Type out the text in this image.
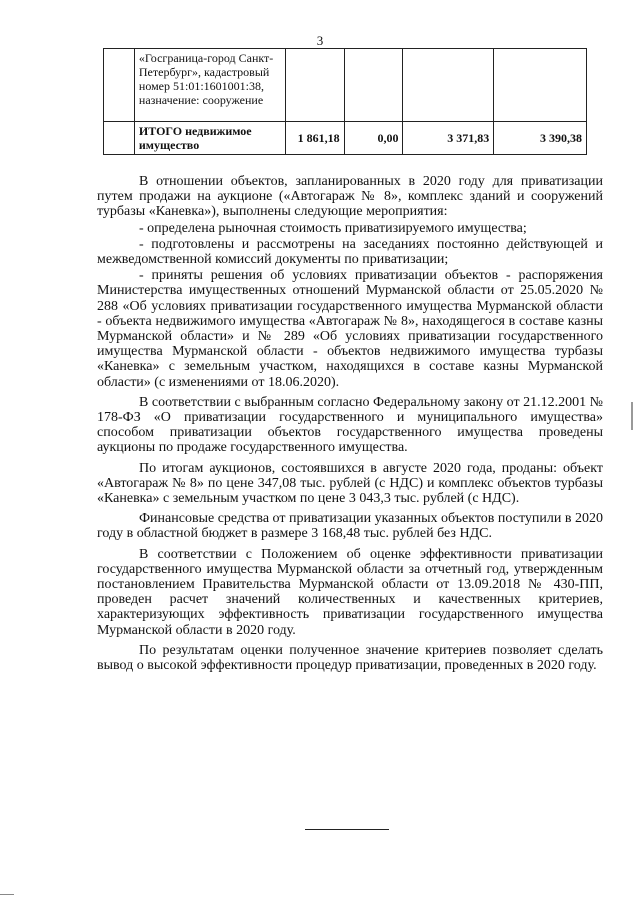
3
	«Госграница-город Санкт-Петербург», кадастровый номер 51:01:1601001:38, назначение: сооружение				
	ИТОГО недвижимое имущество	1 861,18	0,00	3 371,83	3 390,38

В отношении объектов, запланированных в 2020 году для приватизации путем продажи на аукционе («Автогараж № 8», комплекс зданий и сооружений турбазы «Каневка»), выполнены следующие мероприятия:

- определена рыночная стоимость приватизируемого имущества;

- подготовлены и рассмотрены на заседаниях постоянно действующей и межведомственной комиссий документы по приватизации;

- приняты решения об условиях приватизации объектов - распоряжения Министерства имущественных отношений Мурманской области от 25.05.2020 № 288 «Об условиях приватизации государственного имущества Мурманской области - объекта недвижимого имущества «Автогараж № 8», находящегося в составе казны Мурманской области» и № 289 «Об условиях приватизации государственного имущества Мурманской области - объектов недвижимого имущества турбазы «Каневка» с земельным участком, находящихся в составе казны Мурманской области» (с изменениями от 18.06.2020).

В соответствии с выбранным согласно Федеральному закону от 21.12.2001 № 178-ФЗ «О приватизации государственного и муниципального имущества» способом приватизации объектов государственного имущества проведены аукционы по продаже государственного имущества.

По итогам аукционов, состоявшихся в августе 2020 года, проданы: объект «Автогараж № 8» по цене 347,08 тыс. рублей (с НДС) и комплекс объектов турбазы «Каневка» с земельным участком по цене 3 043,3 тыс. рублей (с НДС).

Финансовые средства от приватизации указанных объектов поступили в 2020 году в областной бюджет в размере 3 168,48 тыс. рублей без НДС.

В соответствии с Положением об оценке эффективности приватизации государственного имущества Мурманской области за отчетный год, утвержденным постановлением Правительства Мурманской области от 13.09.2018 № 430-ПП, проведен расчет значений количественных и качественных критериев, характеризующих эффективность приватизации государственного имущества Мурманской области в 2020 году.

По результатам оценки полученное значение критериев позволяет сделать вывод о высокой эффективности процедур приватизации, проведенных в 2020 году.
